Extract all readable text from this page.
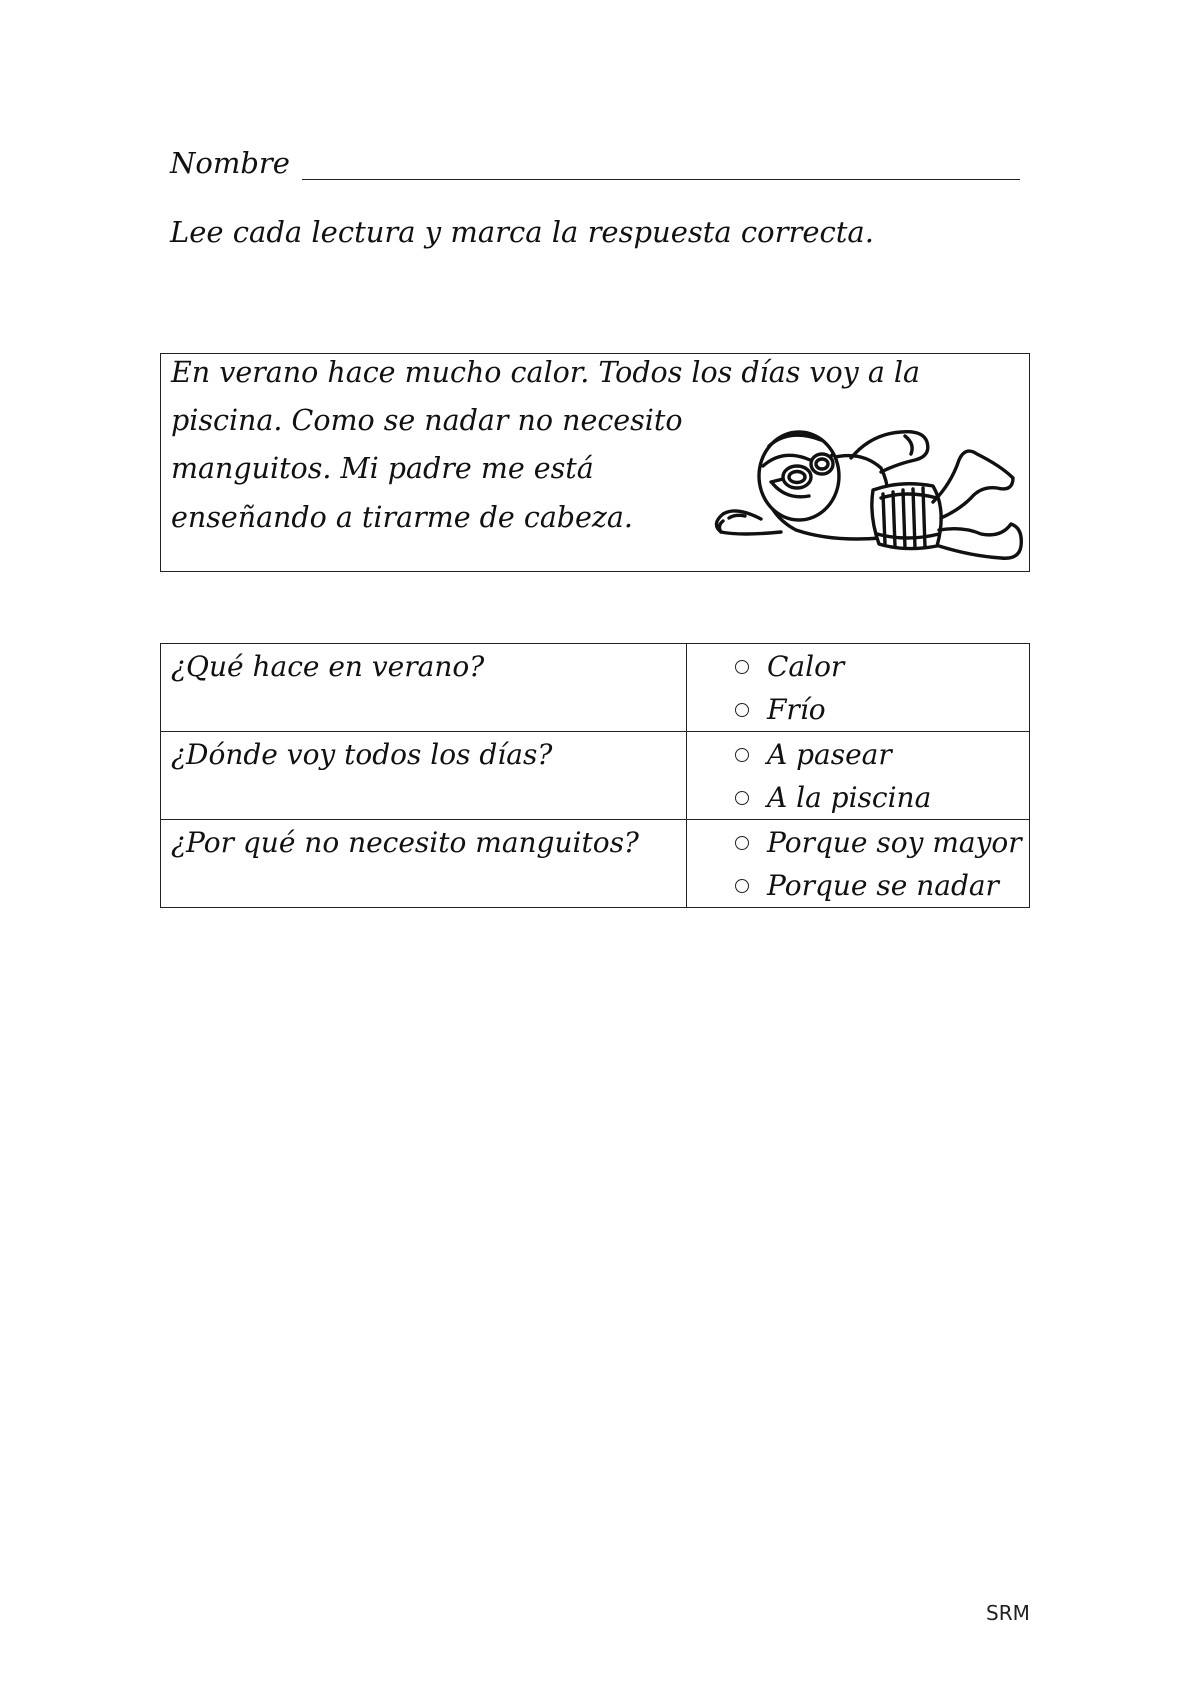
Nombre
Lee cada lectura y marca la respuesta correcta.
En verano hace mucho calor. Todos los días voy a la
piscina. Como se nadar no necesito
manguitos. Mi padre me está
enseñando a tirarme de cabeza.
¿Qué hace en verano?	Calor
Frío

¿Dónde voy todos los días?	A pasear
A la piscina

¿Por qué no necesito manguitos?	Porque soy mayor
Porque se nadar
SRM
